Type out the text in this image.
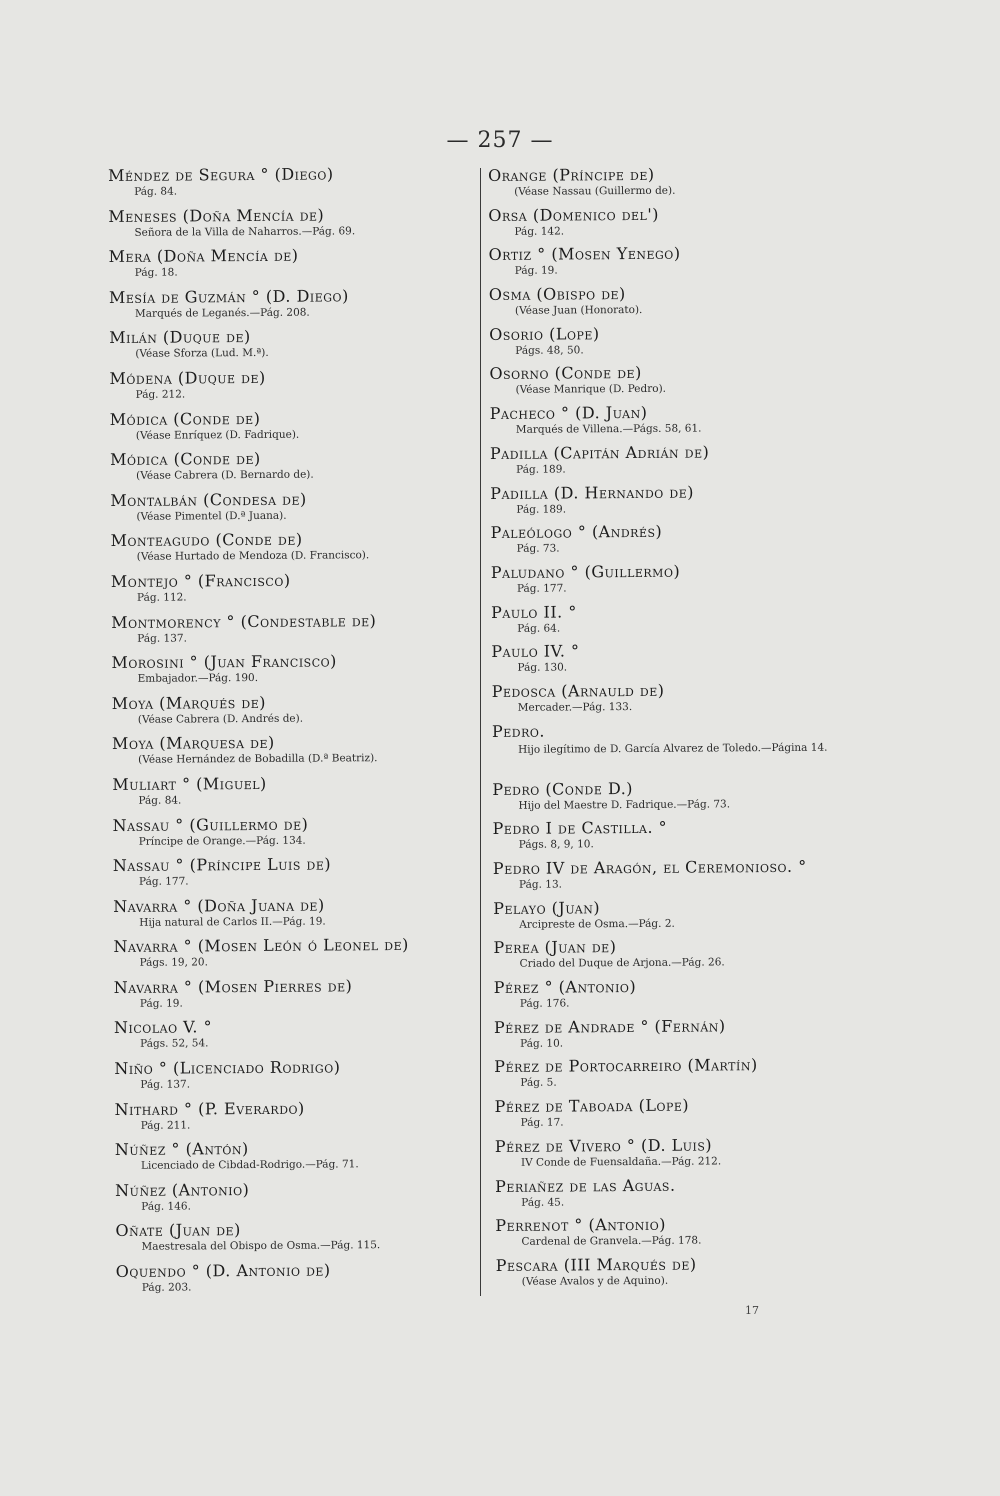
— 257 —
Méndez de Segura ° (Diego)
Pág. 84.
Meneses (Doña Mencía de)
Señora de la Villa de Naharros.—Pág. 69.
Mera (Doña Mencía de)
Pág. 18.
Mesía de Guzmán ° (D. Diego)
Marqués de Leganés.—Pág. 208.
Milán (Duque de)
(Véase Sforza (Lud. M.ª).
Módena (Duque de)
Pág. 212.
Módica (Conde de)
(Véase Enríquez (D. Fadrique).
Módica (Conde de)
(Véase Cabrera (D. Bernardo de).
Montalbán (Condesa de)
(Véase Pimentel (D.ª Juana).
Monteagudo (Conde de)
(Véase Hurtado de Mendoza (D. Francisco).
Montejo ° (Francisco)
Pág. 112.
Montmorency ° (Condestable de)
Pág. 137.
Morosini ° (Juan Francisco)
Embajador.—Pág. 190.
Moya (Marqués de)
(Véase Cabrera (D. Andrés de).
Moya (Marquesa de)
(Véase Hernández de Bobadilla (D.ª Beatriz).
Muliart ° (Miguel)
Pág. 84.
Nassau ° (Guillermo de)
Príncipe de Orange.—Pág. 134.
Nassau ° (Príncipe Luis de)
Pág. 177.
Navarra ° (Doña Juana de)
Hija natural de Carlos II.—Pág. 19.
Navarra ° (Mosen León ó Leonel de)
Págs. 19, 20.
Navarra ° (Mosen Pierres de)
Pág. 19.
Nicolao V. °
Págs. 52, 54.
Niño ° (Licenciado Rodrigo)
Pág. 137.
Nithard ° (P. Everardo)
Pág. 211.
Núñez ° (Antón)
Licenciado de Cibdad-Rodrigo.—Pág. 71.
Núñez (Antonio)
Pág. 146.
Oñate (Juan de)
Maestresala del Obispo de Osma.—Pág. 115.
Oquendo ° (D. Antonio de)
Pág. 203.
Orange (Príncipe de)
(Véase Nassau (Guillermo de).
Orsa (Domenico del')
Pág. 142.
Ortiz ° (Mosen Yenego)
Pág. 19.
Osma (Obispo de)
(Véase Juan (Honorato).
Osorio (Lope)
Págs. 48, 50.
Osorno (Conde de)
(Véase Manrique (D. Pedro).
Pacheco ° (D. Juan)
Marqués de Villena.—Págs. 58, 61.
Padilla (Capitán Adrián de)
Pág. 189.
Padilla (D. Hernando de)
Pág. 189.
Paleólogo ° (Andrés)
Pág. 73.
Paludano ° (Guillermo)
Pág. 177.
Paulo II. °
Pág. 64.
Paulo IV. °
Pág. 130.
Pedosca (Arnauld de)
Mercader.—Pág. 133.
Pedro.
Hijo ilegítimo de D. García Alvarez de Toledo.—Página 14.
Pedro (Conde D.)
Hijo del Maestre D. Fadrique.—Pág. 73.
Pedro I de Castilla. °
Págs. 8, 9, 10.
Pedro IV de Aragón, el Ceremonioso. °
Pág. 13.
Pelayo (Juan)
Arcipreste de Osma.—Pág. 2.
Perea (Juan de)
Criado del Duque de Arjona.—Pág. 26.
Pérez ° (Antonio)
Pág. 176.
Pérez de Andrade ° (Fernán)
Pág. 10.
Pérez de Portocarreiro (Martín)
Pág. 5.
Pérez de Taboada (Lope)
Pág. 17.
Pérez de Vivero ° (D. Luis)
IV Conde de Fuensaldaña.—Pág. 212.
Periañez de las Aguas.
Pág. 45.
Perrenot ° (Antonio)
Cardenal de Granvela.—Pág. 178.
Pescara (III Marqués de)
(Véase Avalos y de Aquino).
17
